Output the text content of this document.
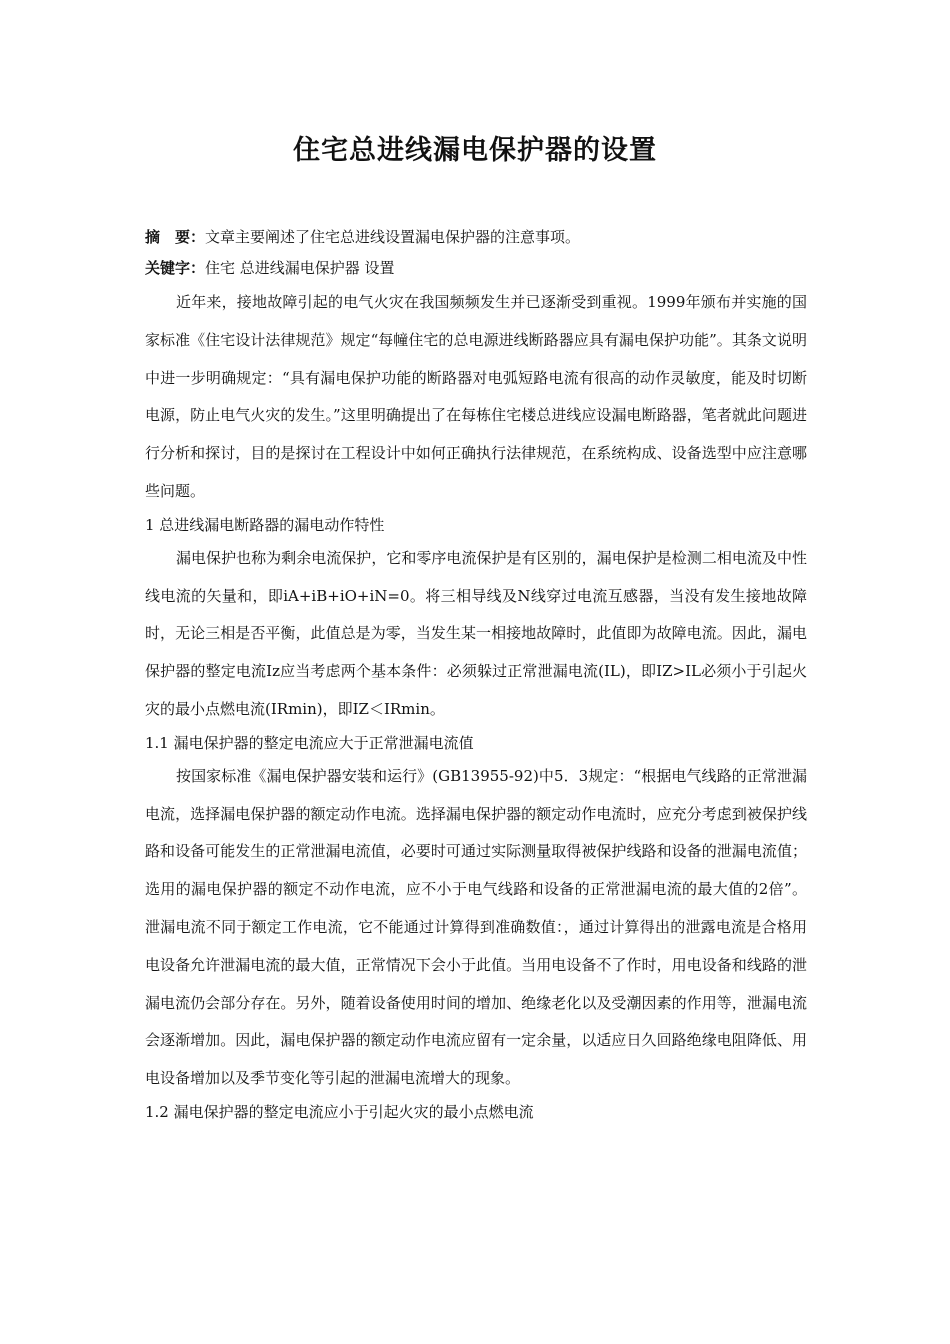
住宅总进线漏电保护器的设置

摘　要：文章主要阐述了住宅总进线设置漏电保护器的注意事项。

关键字：住宅 总进线漏电保护器 设置

近年来，接地故障引起的电气火灾在我国频频发生并已逐渐受到重视。1999年颁布并实施的国家标准《住宅设计法律规范》规定“每幢住宅的总电源进线断路器应具有漏电保护功能”。其条文说明中进一步明确规定：“具有漏电保护功能的断路器对电弧短路电流有很高的动作灵敏度，能及时切断电源，防止电气火灾的发生。”这里明确提出了在每栋住宅楼总进线应设漏电断路器，笔者就此问题进行分析和探讨，目的是探讨在工程设计中如何正确执行法律规范，在系统构成、设备选型中应注意哪些问题。

1 总进线漏电断路器的漏电动作特性

漏电保护也称为剩余电流保护，它和零序电流保护是有区别的，漏电保护是检测二相电流及中性线电流的矢量和，即iA+iB+iO+iN=0。将三相导线及N线穿过电流互感器，当没有发生接地故障时，无论三相是否平衡，此值总是为零，当发生某一相接地故障时，此值即为故障电流。因此，漏电保护器的整定电流Iz应当考虑两个基本条件：必须躲过正常泄漏电流(IL)，即IZ>IL必须小于引起火灾的最小点燃电流(IRmin)，即IZ＜IRmin。

1.1 漏电保护器的整定电流应大于正常泄漏电流值

按国家标准《漏电保护器安装和运行》(GB13955-92)中5．3规定：“根据电气线路的正常泄漏电流，选择漏电保护器的额定动作电流。选择漏电保护器的额定动作电流时，应充分考虑到被保护线路和设备可能发生的正常泄漏电流值，必要时可通过实际测量取得被保护线路和设备的泄漏电流值；选用的漏电保护器的额定不动作电流，应不小于电气线路和设备的正常泄漏电流的最大值的2倍”。泄漏电流不同于额定工作电流，它不能通过计算得到准确数值：，通过计算得出的泄露电流是合格用电设备允许泄漏电流的最大值，正常情况下会小于此值。当用电设备不了作时，用电设备和线路的泄漏电流仍会部分存在。另外，随着设备使用时间的增加、绝缘老化以及受潮因素的作用等，泄漏电流会逐渐增加。因此，漏电保护器的额定动作电流应留有一定余量，以适应日久回路绝缘电阻降低、用电设备增加以及季节变化等引起的泄漏电流增大的现象。

1.2 漏电保护器的整定电流应小于引起火灾的最小点燃电流
